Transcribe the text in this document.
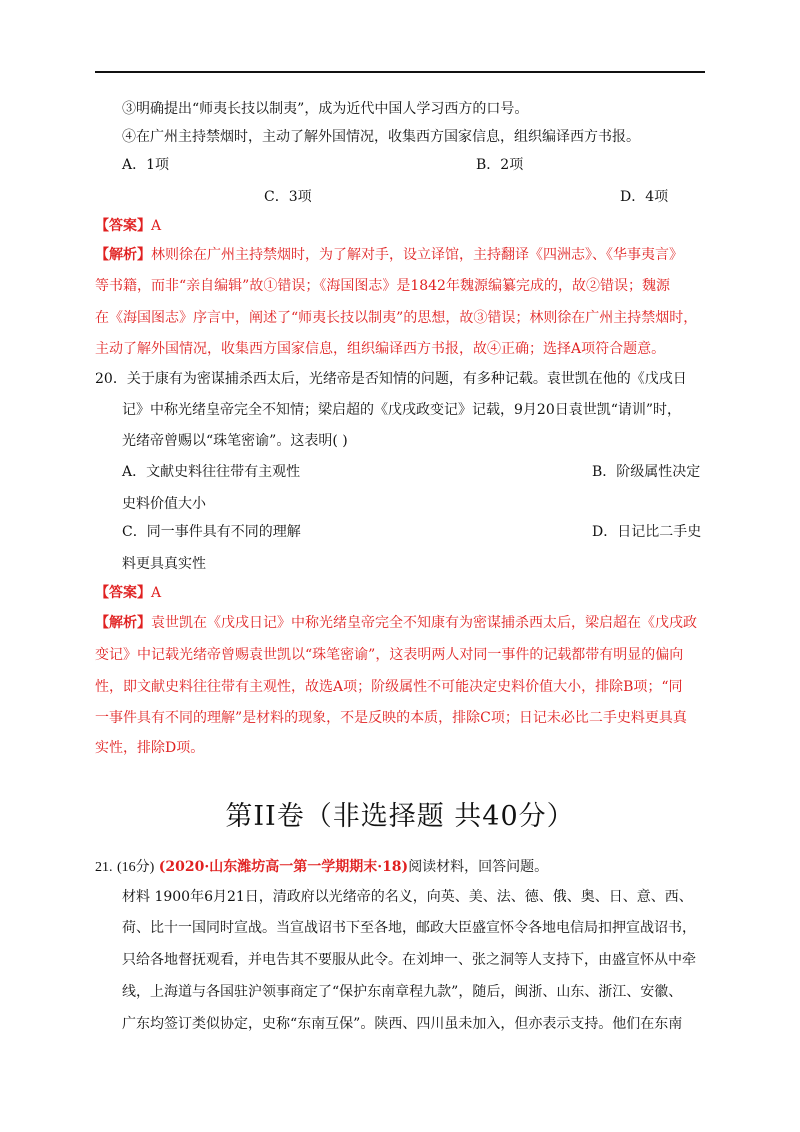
③明确提出“师夷长技以制夷”，成为近代中国人学习西方的口号。
④在广州主持禁烟时，主动了解外国情况，收集西方国家信息，组织编译西方书报。
A．1项	B．2项
C．3项	D．4项
【答案】A
【解析】林则徐在广州主持禁烟时，为了解对手，设立译馆，主持翻译《四洲志》、《华事夷言》
等书籍，而非“亲自编辑”故①错误；《海国图志》是1842年魏源编纂完成的，故②错误；魏源
在《海国图志》序言中，阐述了“师夷长技以制夷”的思想，故③错误；林则徐在广州主持禁烟时，
主动了解外国情况，收集西方国家信息，组织编译西方书报，故④正确；选择A项符合题意。
20．关于康有为密谋捕杀西太后，光绪帝是否知情的问题，有多种记载。袁世凯在他的《戊戌日
记》中称光绪皇帝完全不知情；梁启超的《戊戌政变记》记载，9月20日袁世凯“请训”时，
光绪帝曾赐以“珠笔密谕”。这表明( )
A．文献史料往往带有主观性	B．阶级属性决定
史料价值大小
C．同一事件具有不同的理解	D．日记比二手史
料更具真实性
【答案】A
【解析】袁世凯在《戊戌日记》中称光绪皇帝完全不知康有为密谋捕杀西太后，梁启超在《戊戌政
变记》中记载光绪帝曾赐袁世凯以“珠笔密谕”，这表明两人对同一事件的记载都带有明显的偏向
性，即文献史料往往带有主观性，故选A项；阶级属性不可能决定史料价值大小，排除B项；“同
一事件具有不同的理解”是材料的现象，不是反映的本质，排除C项；日记未必比二手史料更具真
实性，排除D项。
第II卷（非选择题 共40分）
21. (16分) (2020·山东潍坊高一第一学期期末·18)阅读材料，回答问题。
材料 1900年6月21日，清政府以光绪帝的名义，向英、美、法、德、俄、奥、日、意、西、
荷、比十一国同时宣战。当宣战诏书下至各地，邮政大臣盛宣怀令各地电信局扣押宣战诏书，
只给各地督抚观看，并电告其不要服从此令。在刘坤一、张之洞等人支持下，由盛宣怀从中牵
线，上海道与各国驻沪领事商定了“保护东南章程九款”，随后，闽浙、山东、浙江、安徽、
广东均签订类似协定，史称“东南互保”。陕西、四川虽未加入，但亦表示支持。他们在东南
